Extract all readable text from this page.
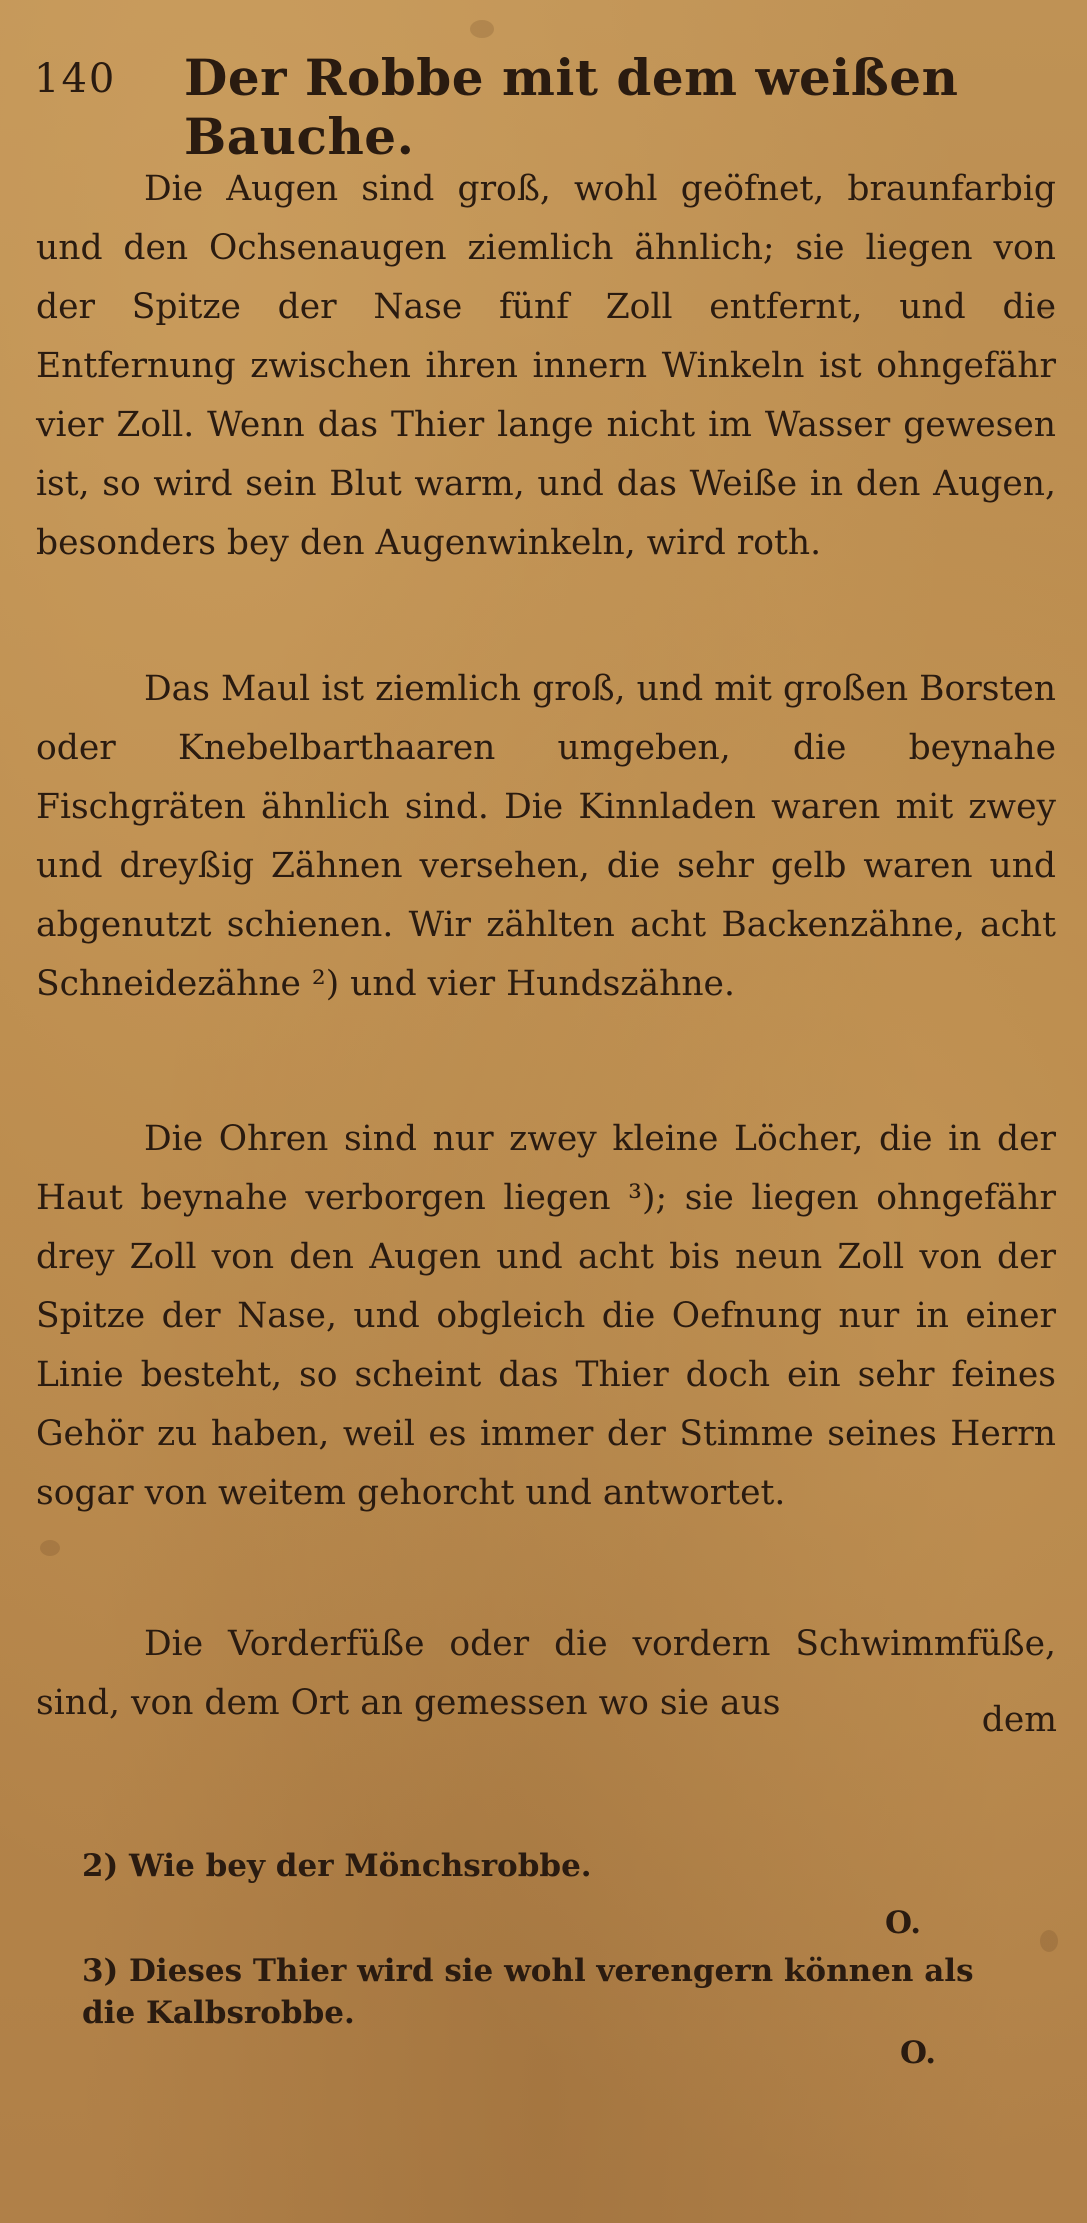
140 Der Robbe mit dem weißen Bauche.

Die Augen sind groß, wohl geöfnet, braunfarbig und den Ochsenaugen ziemlich ähnlich; sie liegen von der Spitze der Nase fünf Zoll entfernt, und die Entfernung zwischen ihren innern Winkeln ist ohngefähr vier Zoll. Wenn das Thier lange nicht im Wasser gewesen ist, so wird sein Blut warm, und das Weiße in den Augen, besonders bey den Augenwinkeln, wird roth.

Das Maul ist ziemlich groß, und mit großen Borsten oder Knebelbarthaaren umgeben, die beynahe Fischgräten ähnlich sind. Die Kinnladen waren mit zwey und dreyßig Zähnen versehen, die sehr gelb waren und abgenutzt schienen. Wir zählten acht Backenzähne, acht Schneidezähne ²) und vier Hundszähne.

Die Ohren sind nur zwey kleine Löcher, die in der Haut beynahe verborgen liegen ³); sie liegen ohngefähr drey Zoll von den Augen und acht bis neun Zoll von der Spitze der Nase, und obgleich die Oefnung nur in einer Linie besteht, so scheint das Thier doch ein sehr feines Gehör zu haben, weil es immer der Stimme seines Herrn sogar von weitem gehorcht und antwortet.

Die Vorderfüße oder die vordern Schwimmfüße, sind, von dem Ort an gemessen wo sie aus	dem
2) Wie bey der Mönchsrobbe.
O.
3) Dieses Thier wird sie wohl verengern können als die Kalbsrobbe.
O.
